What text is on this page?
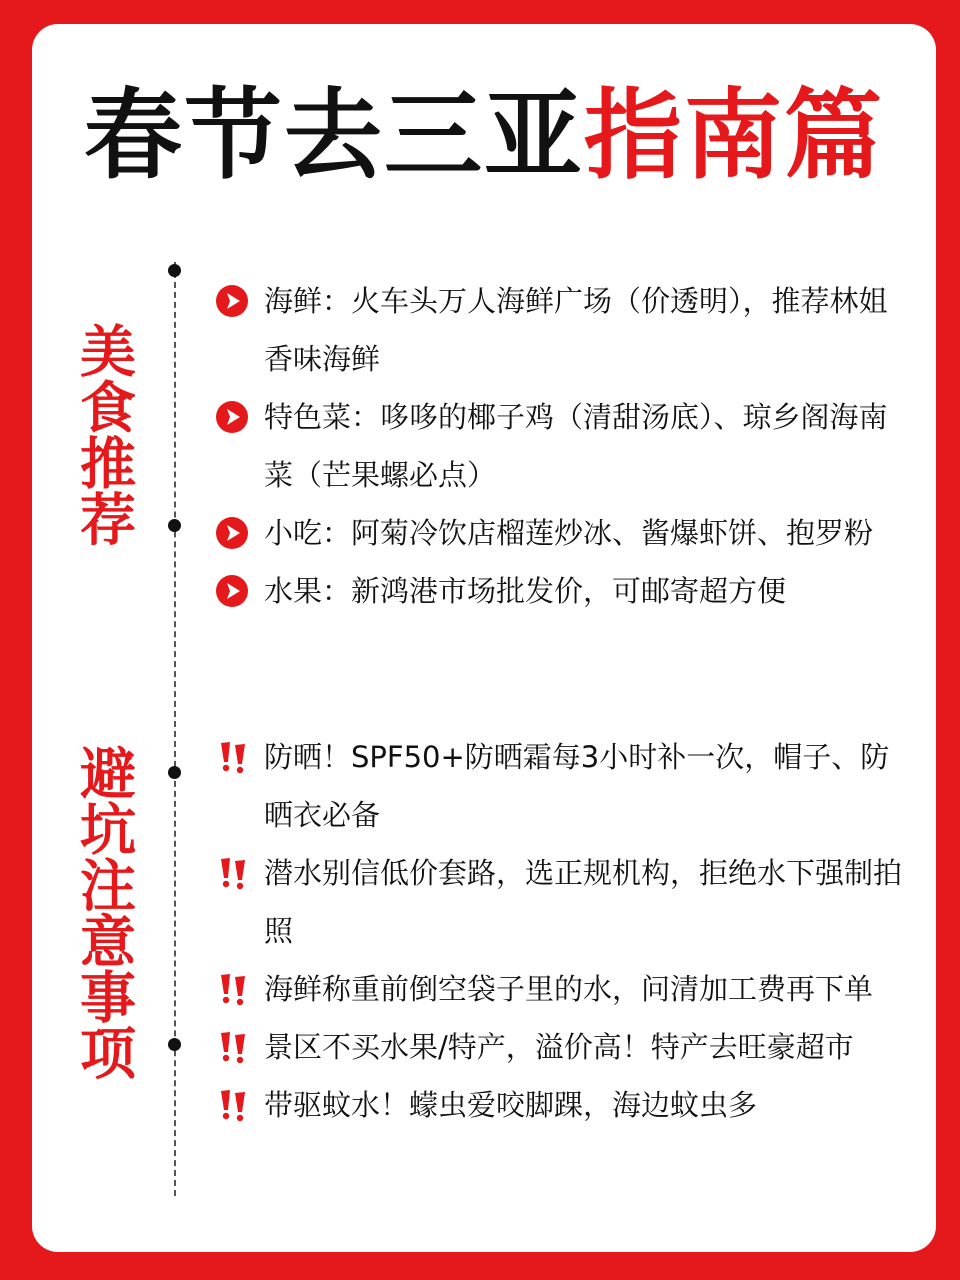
春节去三亚指南篇
美食推荐
海鲜：火车头万人海鲜广场（价透明），推荐林姐香味海鲜
特色菜：哆哆的椰子鸡（清甜汤底）、琼乡阁海南菜（芒果螺必点）
小吃：阿菊冷饮店榴莲炒冰、酱爆虾饼、抱罗粉
水果：新鸿港市场批发价，可邮寄超方便
避坑注意事项	防晒！SPF50+防晒霜每3小时补一次，帽子、防晒衣必备
潜水别信低价套路，选正规机构，拒绝水下强制拍照
海鲜称重前倒空袋子里的水，问清加工费再下单
景区不买水果/特产，溢价高！特产去旺豪超市
带驱蚊水！蠓虫爱咬脚踝，海边蚊虫多
